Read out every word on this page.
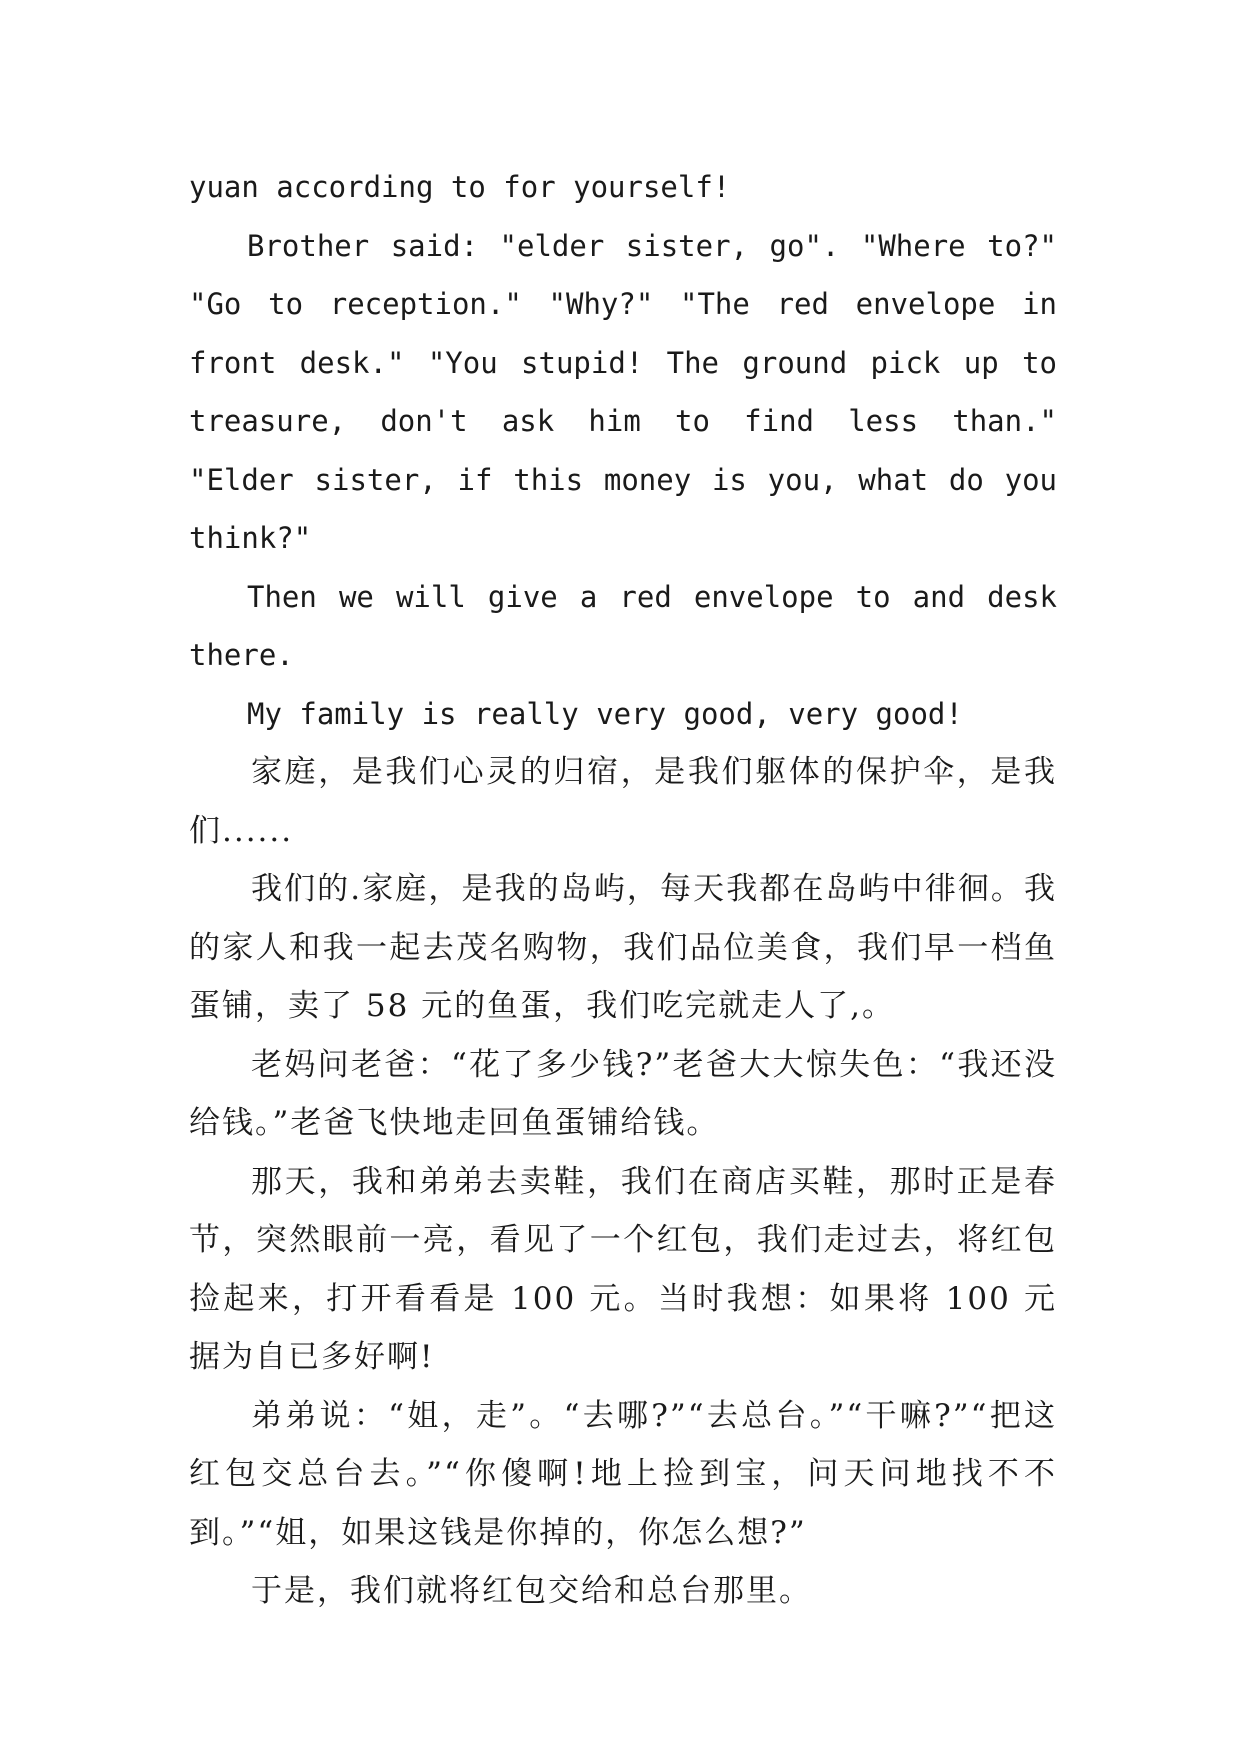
yuan according to for yourself!

Brother said: "elder sister, go". "Where to?" "Go to reception." "Why?" "The red envelope in front desk." "You stupid! The ground pick up to treasure, don't ask him to find less than." "Elder sister, if this money is you, what do you think?"

Then we will give a red envelope to and desk there.

My family is really very good, very good!

家庭，是我们心灵的归宿，是我们躯体的保护伞，是我们......

我们的.家庭，是我的岛屿，每天我都在岛屿中徘徊。我的家人和我一起去茂名购物，我们品位美食，我们早一档鱼蛋铺，卖了 58 元的鱼蛋，我们吃完就走人了,。

老妈问老爸：“花了多少钱?”老爸大大惊失色：“我还没给钱。”老爸飞快地走回鱼蛋铺给钱。

那天，我和弟弟去卖鞋，我们在商店买鞋，那时正是春节，突然眼前一亮，看见了一个红包，我们走过去，将红包捡起来，打开看看是 100 元。当时我想：如果将 100 元据为自已多好啊!

弟弟说：“姐，走”。“去哪?”“去总台。”“干嘛?”“把这红包交总台去。”“你傻啊!地上捡到宝，问天问地找不不到。”“姐，如果这钱是你掉的，你怎么想?”

于是，我们就将红包交给和总台那里。
